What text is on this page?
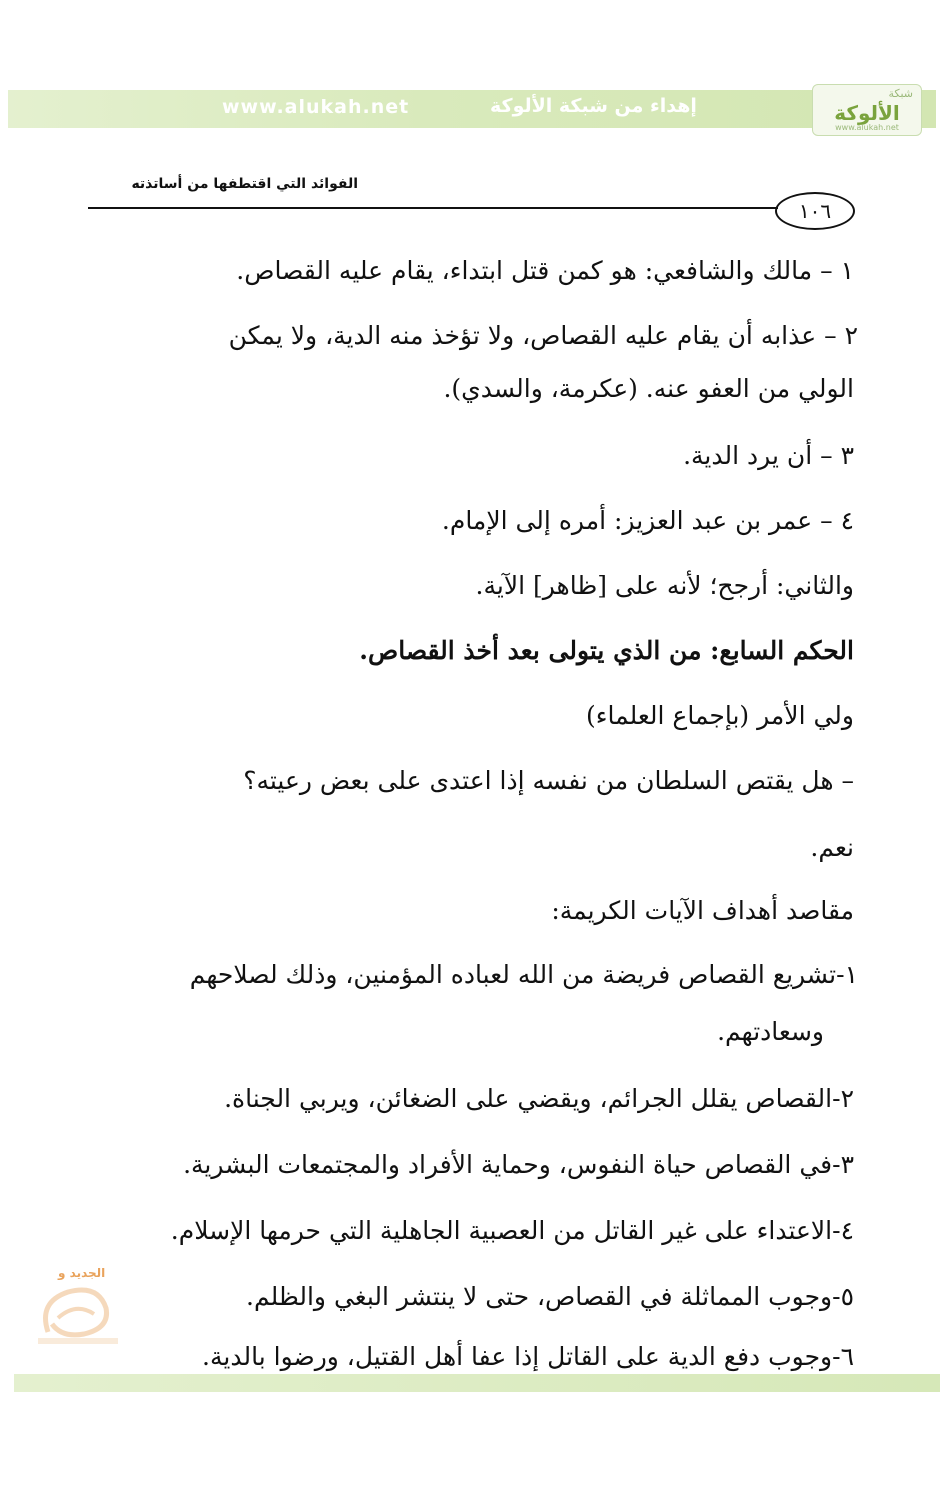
www.alukah.net	إهداء من شبكة الألوكة
شبكة
الألوكة
www.alukah.net
الفوائد التي اقتطفها من أساتذته
١٠٦
١ – مالك والشافعي: هو كمن قتل ابتداء، يقام عليه القصاص.
٢ – عذابه أن يقام عليه القصاص، ولا تؤخذ منه الدية، ولا يمكن
الولي من العفو عنه. (عكرمة، والسدي).
٣ – أن يرد الدية.
٤ – عمر بن عبد العزيز: أمره إلى الإمام.
والثاني: أرجح؛ لأنه على [ظاهر] الآية.
الحكم السابع: من الذي يتولى بعد أخذ القصاص.
ولي الأمر (بإجماع العلماء)
– هل يقتص السلطان من نفسه إذا اعتدى على بعض رعيته؟
نعم.
مقاصد أهداف الآيات الكريمة:
١-تشريع القصاص فريضة من الله لعباده المؤمنين، وذلك لصلاحهم
وسعادتهم.
٢-القصاص يقلل الجرائم، ويقضي على الضغائن، ويربي الجناة.
٣-في القصاص حياة النفوس، وحماية الأفراد والمجتمعات البشرية.
٤-الاعتداء على غير القاتل من العصبية الجاهلية التي حرمها الإسلام.
٥-وجوب المماثلة في القصاص، حتى لا ينتشر البغي والظلم.
٦-وجوب دفع الدية على القاتل إذا عفا أهل القتيل، ورضوا بالدية.
الجديد و
